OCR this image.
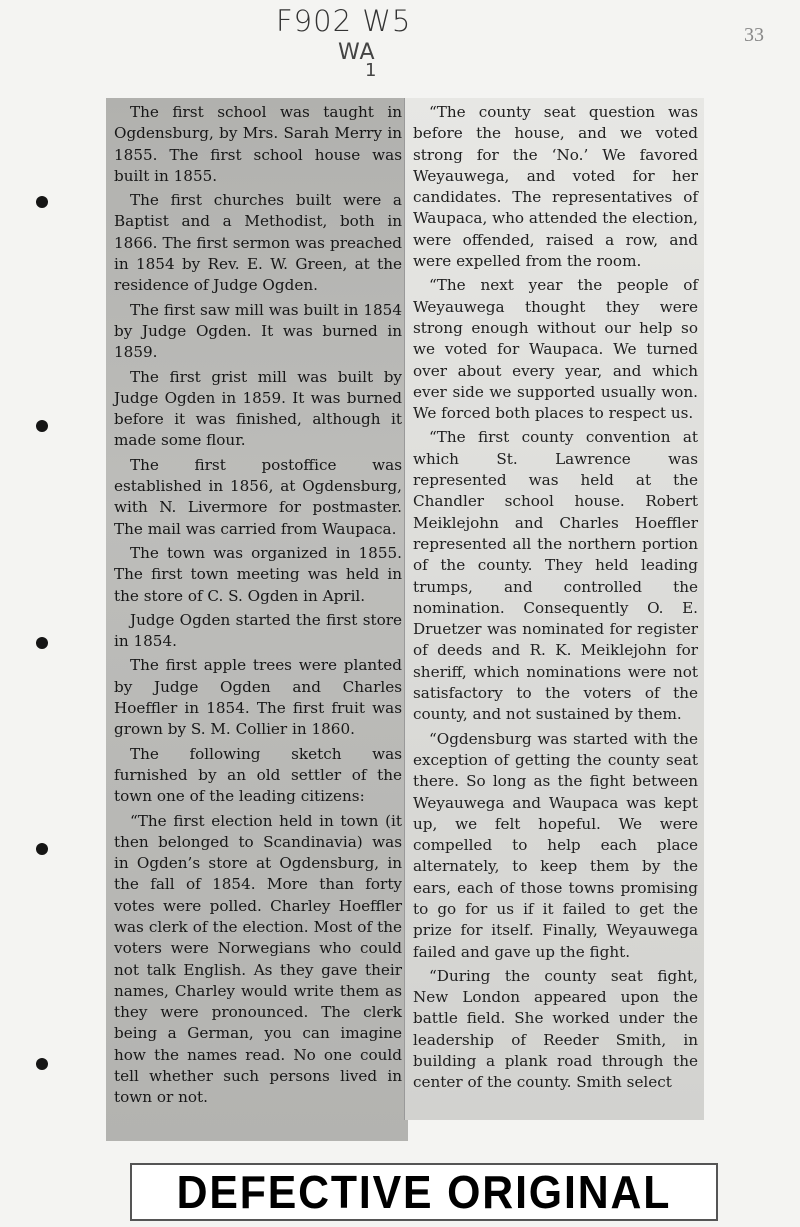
F902 W5
WA
1
33

The first school was taught in Ogdensburg, by Mrs. Sarah Merry in 1855. The first school house was built in 1855.

The first churches built were a Baptist and a Methodist, both in 1866. The first sermon was preached in 1854 by Rev. E. W. Green, at the residence of Judge Ogden.

The first saw mill was built in 1854 by Judge Ogden. It was burned in 1859.

The first grist mill was built by Judge Ogden in 1859. It was burned before it was finished, although it made some flour.

The first postoffice was established in 1856, at Ogdensburg, with N. Livermore for postmaster. The mail was carried from Waupaca.

The town was organized in 1855. The first town meeting was held in the store of C. S. Ogden in April.

Judge Ogden started the first store in 1854.

The first apple trees were planted by Judge Ogden and Charles Hoeffler in 1854. The first fruit was grown by S. M. Collier in 1860.

The following sketch was furnished by an old settler of the town one of the leading citizens:

“The first election held in town (it then belonged to Scandinavia) was in Ogden’s store at Ogdensburg, in the fall of 1854. More than forty votes were polled. Charley Hoeffler was clerk of the election. Most of the voters were Norwegians who could not talk English. As they gave their names, Charley would write them as they were pronounced. The clerk being a German, you can imagine how the names read. No one could tell whether such persons lived in town or not.

“The county seat question was before the house, and we voted strong for the ‘No.’ We favored Weyauwega, and voted for her candidates. The representatives of Waupaca, who attended the election, were offended, raised a row, and were expelled from the room.

“The next year the people of Weyauwega thought they were strong enough without our help so we voted for Waupaca. We turned over about every year, and which ever side we supported usually won. We forced both places to respect us.

“The first county convention at which St. Lawrence was represented was held at the Chandler school house. Robert Meiklejohn and Charles Hoeffler represented all the northern portion of the county. They held leading trumps, and controlled the nomination. Consequently O. E. Druetzer was nominated for register of deeds and R. K. Meiklejohn for sheriff, which nominations were not satisfactory to the voters of the county, and not sustained by them.

“Ogdensburg was started with the exception of getting the county seat there. So long as the fight between Weyauwega and Waupaca was kept up, we felt hopeful. We were compelled to help each place alternately, to keep them by the ears, each of those towns promising to go for us if it failed to get the prize for itself. Finally, Weyauwega failed and gave up the fight.

“During the county seat fight, New London appeared upon the battle field. She worked under the leadership of Reeder Smith, in building a plank road through the center of the county. Smith select

DEFECTIVE ORIGINAL
